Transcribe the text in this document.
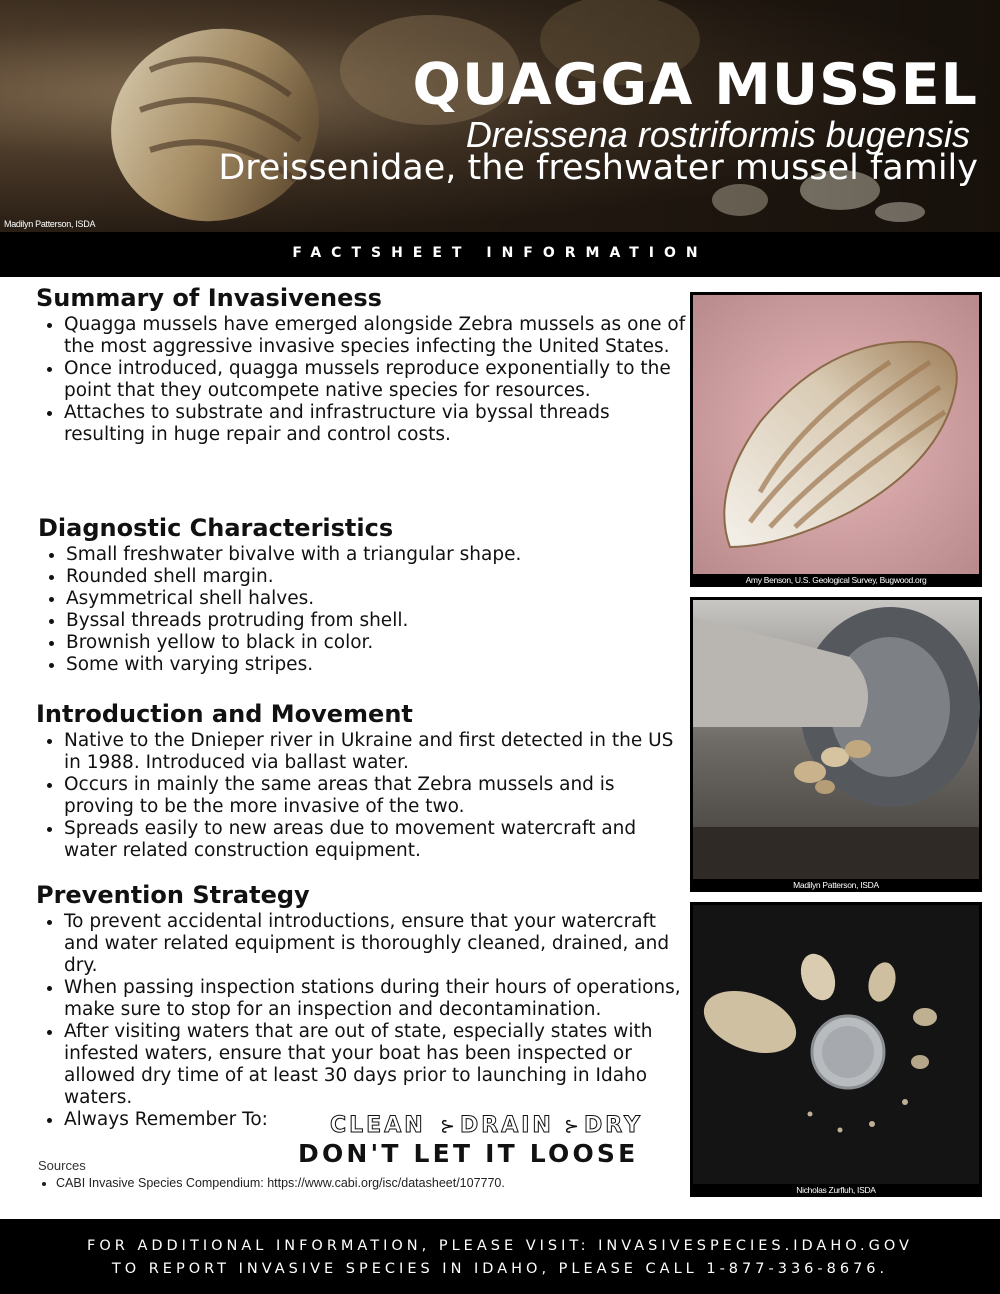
QUAGGA MUSSEL
Dreissena rostriformis bugensis
Dreissenidae, the freshwater mussel family
Madilyn Patterson, ISDA
FACTSHEET INFORMATION
Summary of Invasiveness
• Quagga mussels have emerged alongside Zebra mussels as one of the most aggressive invasive species infecting the United States.
• Once introduced, quagga mussels reproduce exponentially to the point that they outcompete native species for resources.
• Attaches to substrate and infrastructure via byssal threads resulting in huge repair and control costs.
Diagnostic Characteristics
• Small freshwater bivalve with a triangular shape.
• Rounded shell margin.
• Asymmetrical shell halves.
• Byssal threads protruding from shell.
• Brownish yellow to black in color.
• Some with varying stripes.
Introduction and Movement
• Native to the Dnieper river in Ukraine and first detected in the US in 1988. Introduced via ballast water.
• Occurs in mainly the same areas that Zebra mussels and is proving to be the more invasive of the two.
• Spreads easily to new areas due to movement watercraft and water related construction equipment.
Prevention Strategy
• To prevent accidental introductions, ensure that your watercraft and water related equipment is thoroughly cleaned, drained, and dry.
• When passing inspection stations during their hours of operations, make sure to stop for an inspection and decontamination.
• After visiting waters that are out of state, especially states with infested waters, ensure that your boat has been inspected or allowed dry time of at least 30 days prior to launching in Idaho waters.
• Always Remember To:	CLEAN ⊱ DRAIN ⊱ DRY
DON'T LET IT LOOSE
Sources
• CABI Invasive Species Compendium: https://www.cabi.org/isc/datasheet/107770.
Amy Benson, U.S. Geological Survey, Bugwood.org
Madilyn Patterson, ISDA
Nicholas Zurfluh, ISDA
FOR ADDITIONAL INFORMATION, PLEASE VISIT: INVASIVESPECIES.IDAHO.GOV
TO REPORT INVASIVE SPECIES IN IDAHO, PLEASE CALL 1-877-336-8676.
